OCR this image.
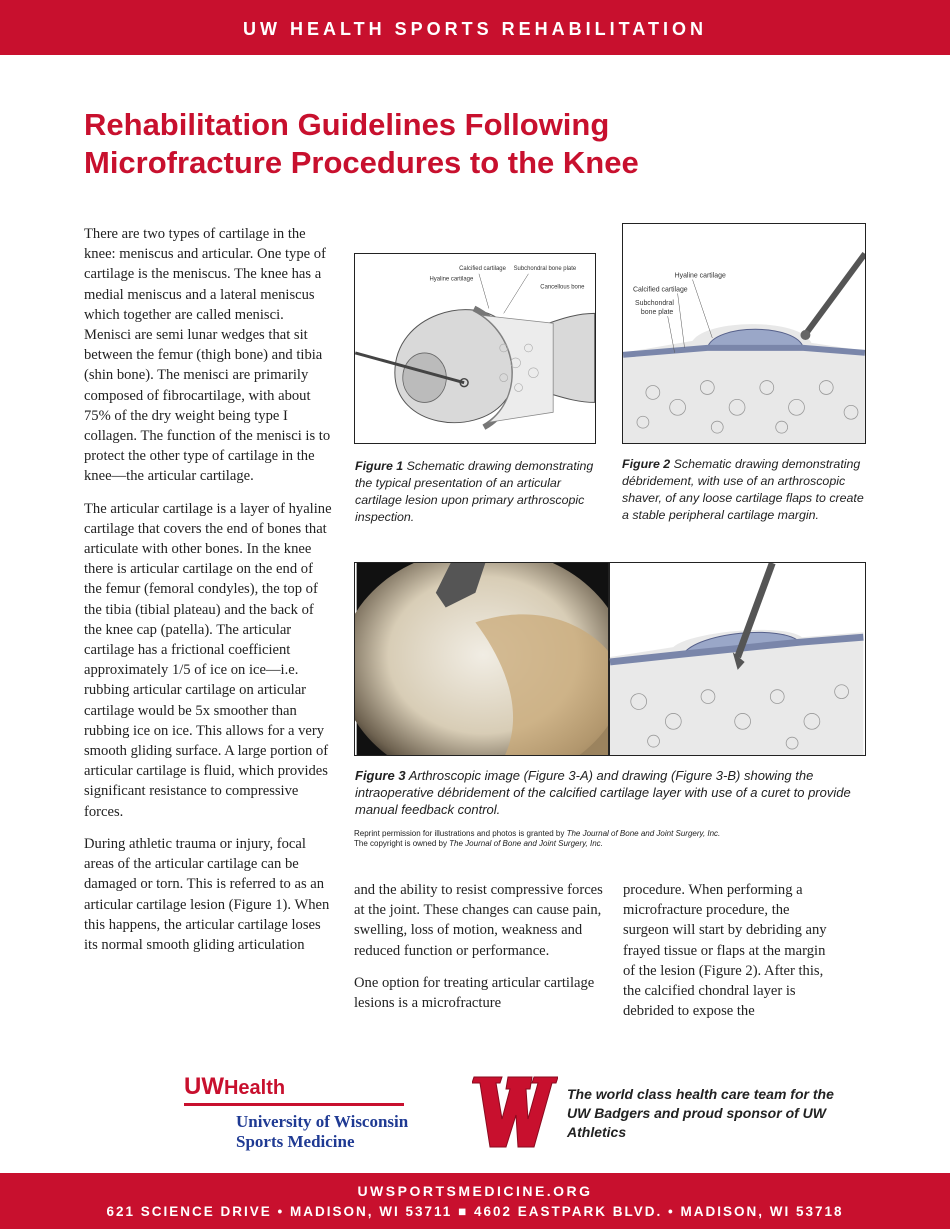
UW HEALTH SPORTS REHABILITATION
Rehabilitation Guidelines Following
Microfracture Procedures to the Knee

There are two types of cartilage in the knee: meniscus and articular. One type of cartilage is the meniscus. The knee has a medial meniscus and a lateral meniscus which together are called menisci. Menisci are semi lunar wedges that sit between the femur (thigh bone) and tibia (shin bone). The menisci are primarily composed of fibrocartilage, with about 75% of the dry weight being type I collagen. The function of the menisci is to protect the other type of cartilage in the knee—the articular cartilage.

The articular cartilage is a layer of hyaline cartilage that covers the end of bones that articulate with other bones. In the knee there is articular cartilage on the end of the femur (femoral condyles), the top of the tibia (tibial plateau) and the back of the knee cap (patella). The articular cartilage has a frictional coefficient approximately 1/5 of ice on ice—i.e. rubbing articular cartilage on articular cartilage would be 5x smoother than rubbing ice on ice. This allows for a very smooth gliding surface. A large portion of articular cartilage is fluid, which provides significant resistance to compressive forces.

During athletic trauma or injury, focal areas of the articular cartilage can be damaged or torn. This is referred to as an articular cartilage lesion (Figure 1). When this happens, the articular cartilage loses its normal smooth gliding articulation

and the ability to resist compressive forces at the joint. These changes can cause pain, swelling, loss of motion, weakness and reduced function or performance.

One option for treating articular cartilage lesions is a microfracture

procedure. When performing a microfracture procedure, the surgeon will start by debriding any frayed tissue or flaps at the margin of the lesion (Figure 2). After this, the calcified chondral layer is debrided to expose the

Calcified cartilage Subchondral bone plate
Hyaline cartilage
Cancellous bone
Figure 1 Schematic drawing demonstrating the typical presentation of an articular cartilage lesion upon primary arthroscopic inspection.
Hyaline cartilage
Calcified cartilage
Subchondral
bone plate
Figure 2 Schematic drawing demonstrating débridement, with use of an arthroscopic shaver, of any loose cartilage flaps to create a stable peripheral cartilage margin.
Figure 3 Arthroscopic image (Figure 3-A) and drawing (Figure 3-B) showing the intraoperative débridement of the calcified cartilage layer with use of a curet to provide manual feedback control.
Reprint permission for illustrations and photos is granted by The Journal of Bone and Joint Surgery, Inc.
The copyright is owned by The Journal of Bone and Joint Surgery, Inc.
UWHealth
University of Wisconsin
Sports Medicine
The world class health care team for the UW Badgers and proud sponsor of UW Athletics
UWSPORTSMEDICINE.ORG
621 SCIENCE DRIVE • MADISON, WI 53711 ■ 4602 EASTPARK BLVD. • MADISON, WI 53718
